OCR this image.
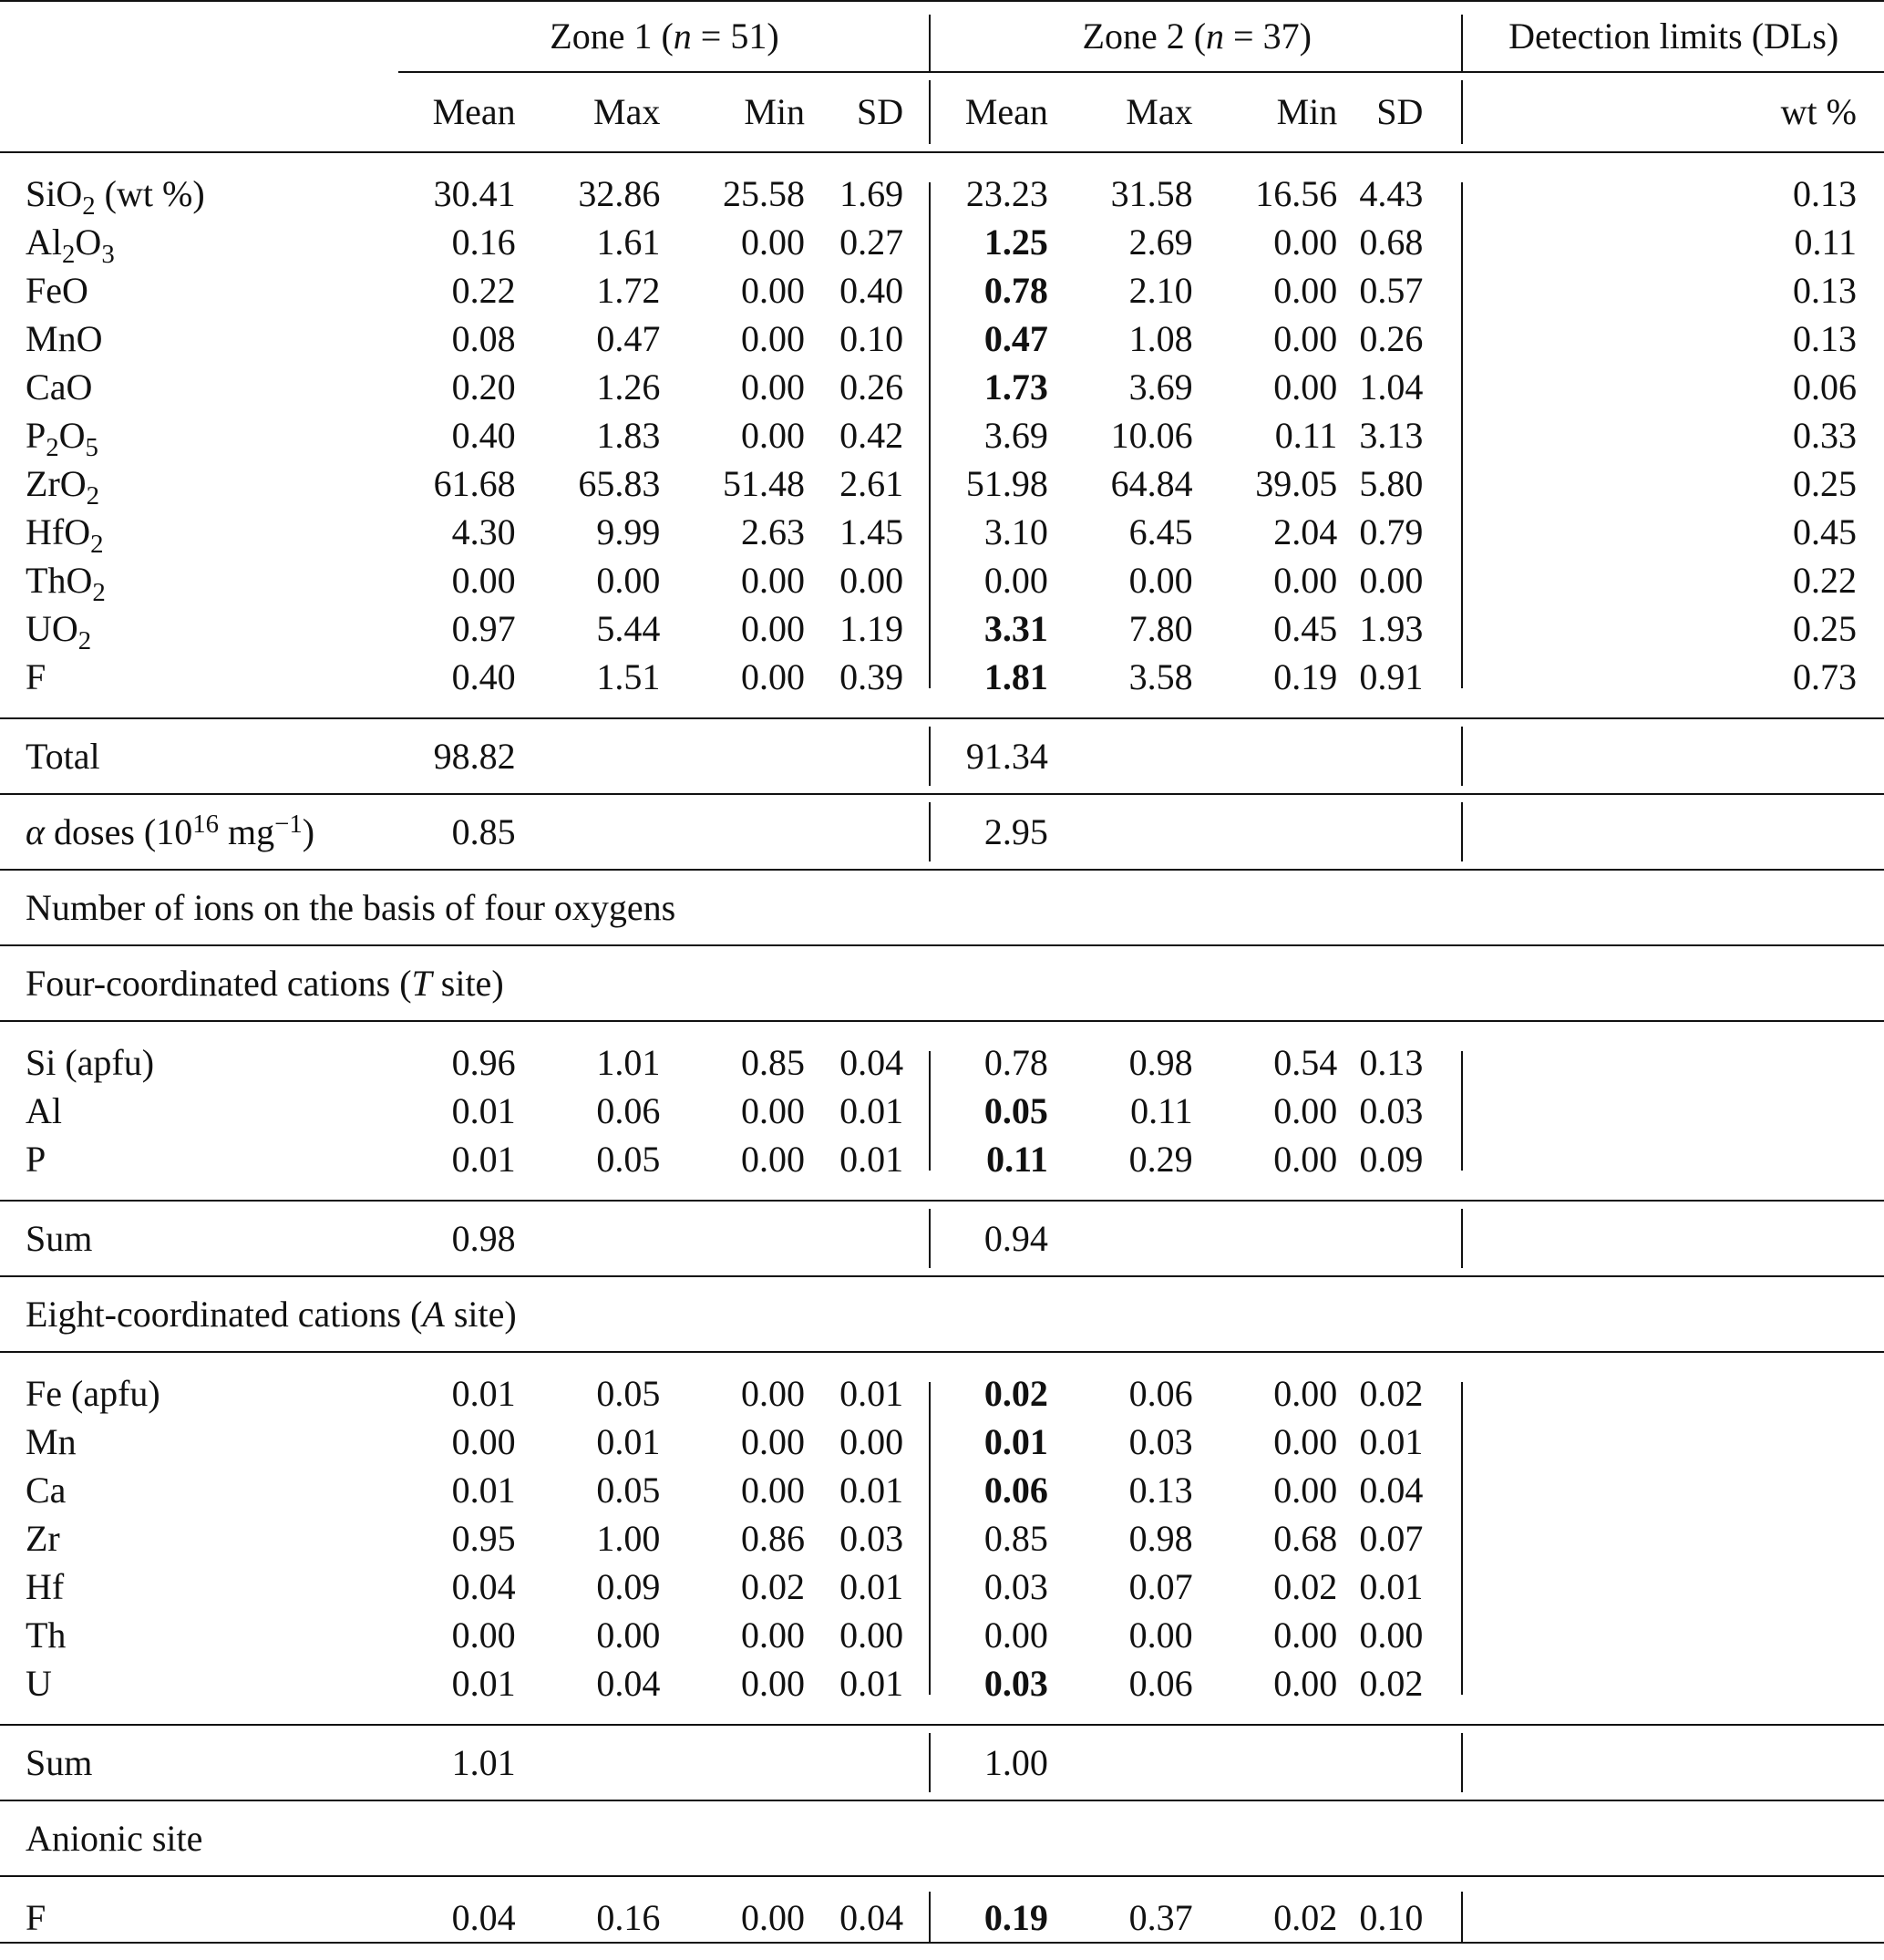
	Zone 1 (n = 51)				Zone 2 (n = 37)				Detection limits (DLs)
	Mean	Max	Min	SD	Mean	Max	Min	SD	wt %

SiO$_2$ (wt %)	30.41	32.86	25.58	1.69	23.23	31.58	16.56	4.43	0.13
$Al_2O_3$	0.16	1.61	0.00	0.27	1.25	2.69	0.00	0.68	0.11
FeO	0.22	1.72	0.00	0.40	0.78	2.10	0.00	0.57	0.13
MnO	0.08	0.47	0.00	0.10	0.47	1.08	0.00	0.26	0.13
CaO	0.20	1.26	0.00	0.26	1.73	3.69	0.00	1.04	0.06
$P_2O_5$	0.40	1.83	0.00	0.42	3.69	10.06	0.11	3.13	0.33
ZrO$_2$	61.68	65.83	51.48	2.61	51.98	64.84	39.05	5.80	0.25
HfO$_2$	4.30	9.99	2.63	1.45	3.10	6.45	2.04	0.79	0.45
ThO$_2$	0.00	0.00	0.00	0.00	0.00	0.00	0.00	0.00	0.22
$UO_2$	0.97	5.44	0.00	1.19	3.31	7.80	0.45	1.93	0.25
F	0.40	1.51	0.00	0.39	1.81	3.58	0.19	0.91	0.73

Total	98.82				91.34				
α doses ($10^{16}$ $mg^{-1}$)	0.85				2.95				
Number of ions on the basis of four oxygens									
Four-coordinated cations (T site)									

Si (apfu)	0.96	1.01	0.85	0.04	0.78	0.98	0.54	0.13	
Al	0.01	0.06	0.00	0.01	0.05	0.11	0.00	0.03	
P	0.01	0.05	0.00	0.01	0.11	0.29	0.00	0.09	

Sum	0.98				0.94				
Eight-coordinated cations (A site)									

Fe (apfu)	0.01	0.05	0.00	0.01	0.02	0.06	0.00	0.02	
Mn	0.00	0.01	0.00	0.00	0.01	0.03	0.00	0.01	
Ca	0.01	0.05	0.00	0.01	0.06	0.13	0.00	0.04	
Zr	0.95	1.00	0.86	0.03	0.85	0.98	0.68	0.07	
Hf	0.04	0.09	0.02	0.01	0.03	0.07	0.02	0.01	
Th	0.00	0.00	0.00	0.00	0.00	0.00	0.00	0.00	
U	0.01	0.04	0.00	0.01	0.03	0.06	0.00	0.02	

Sum	1.01				1.00				
Anionic site									

F	0.04	0.16	0.00	0.04	0.19	0.37	0.02	0.10	
